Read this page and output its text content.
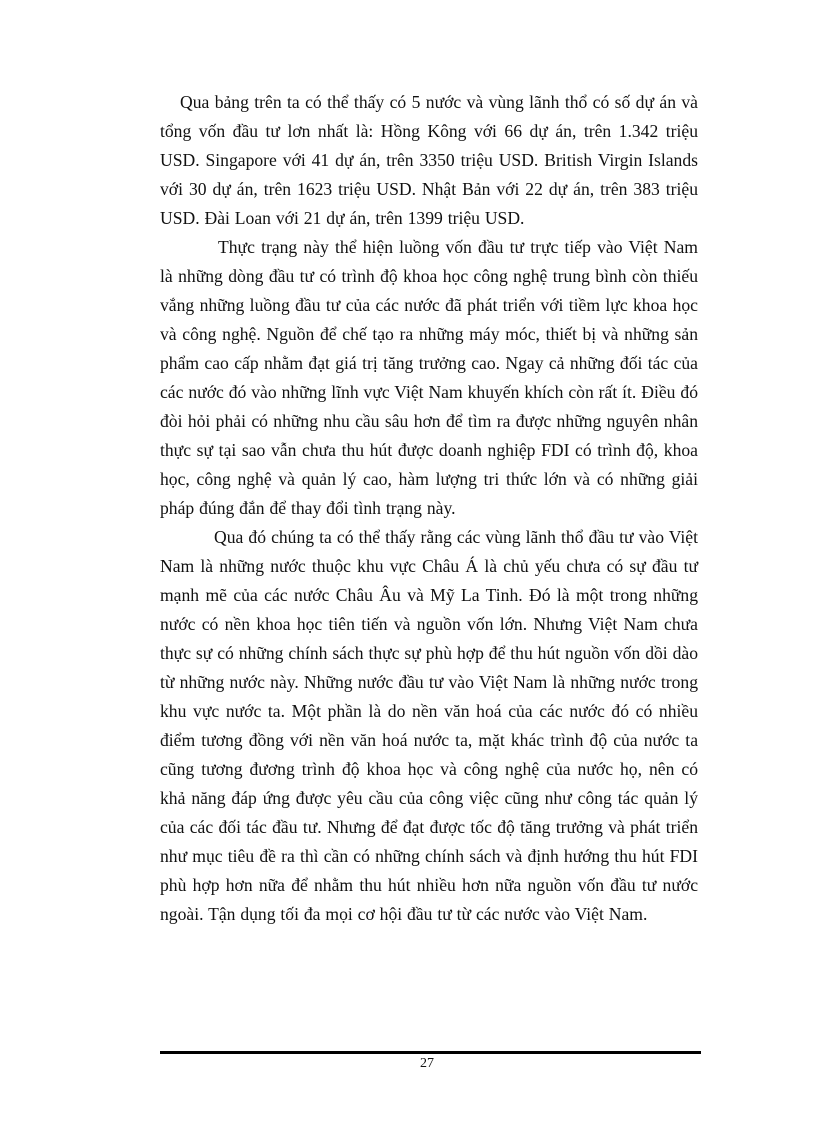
Qua bảng trên ta có thể thấy có 5 nước và vùng lãnh thổ có số dự án và tổng vốn đầu tư lơn nhất là: Hồng Kông với 66 dự án, trên 1.342 triệu USD. Singapore với 41 dự án, trên 3350 triệu USD. British Virgin Islands với 30 dự án, trên 1623 triệu USD. Nhật Bản với 22 dự án, trên 383 triệu USD. Đài Loan với 21 dự án, trên 1399 triệu USD.

Thực trạng này thể hiện luồng vốn đầu tư trực tiếp vào Việt Nam là những dòng đầu tư có trình độ khoa học công nghệ trung bình còn thiếu vắng những luồng đầu tư của các nước đã phát triển với tiềm lực khoa học và công nghệ. Nguồn để chế tạo ra những máy móc, thiết bị và những sản phẩm cao cấp nhằm đạt giá trị tăng trưởng cao. Ngay cả những đối tác của các nước đó vào những lĩnh vực Việt Nam khuyến khích còn rất ít. Điều đó đòi hỏi phải có những nhu cầu sâu hơn để tìm ra được những nguyên nhân thực sự tại sao vẫn chưa thu hút được doanh nghiệp FDI có trình độ, khoa học, công nghệ và quản lý cao, hàm lượng tri thức lớn và có những giải pháp đúng đắn để thay đổi tình trạng này.

Qua đó chúng ta có thể thấy rằng các vùng lãnh thổ đầu tư vào Việt Nam là những nước thuộc khu vực Châu Á là chủ yếu chưa có sự đầu tư mạnh mẽ của các nước Châu Âu và Mỹ La Tinh. Đó là một trong những nước có nền khoa học tiên tiến và nguồn vốn lớn. Nhưng Việt Nam chưa thực sự có những chính sách thực sự phù hợp để thu hút nguồn vốn dồi dào từ những nước này. Những nước đầu tư vào Việt Nam là những nước trong khu vực nước ta. Một phần là do nền văn hoá của các nước đó có nhiều điểm tương đồng với nền văn hoá nước ta, mặt khác trình độ của nước ta cũng tương đương trình độ khoa học và công nghệ của nước họ, nên có khả năng đáp ứng được yêu cầu của công việc cũng như công tác quản lý của các đối tác đầu tư. Nhưng để đạt được tốc độ tăng trưởng và phát triển như mục tiêu đề ra thì cần có những chính sách và định hướng thu hút FDI phù hợp hơn nữa để nhằm thu hút nhiều hơn nữa nguồn vốn đầu tư nước ngoài. Tận dụng tối đa mọi cơ hội đầu tư từ các nước vào Việt Nam.

27
